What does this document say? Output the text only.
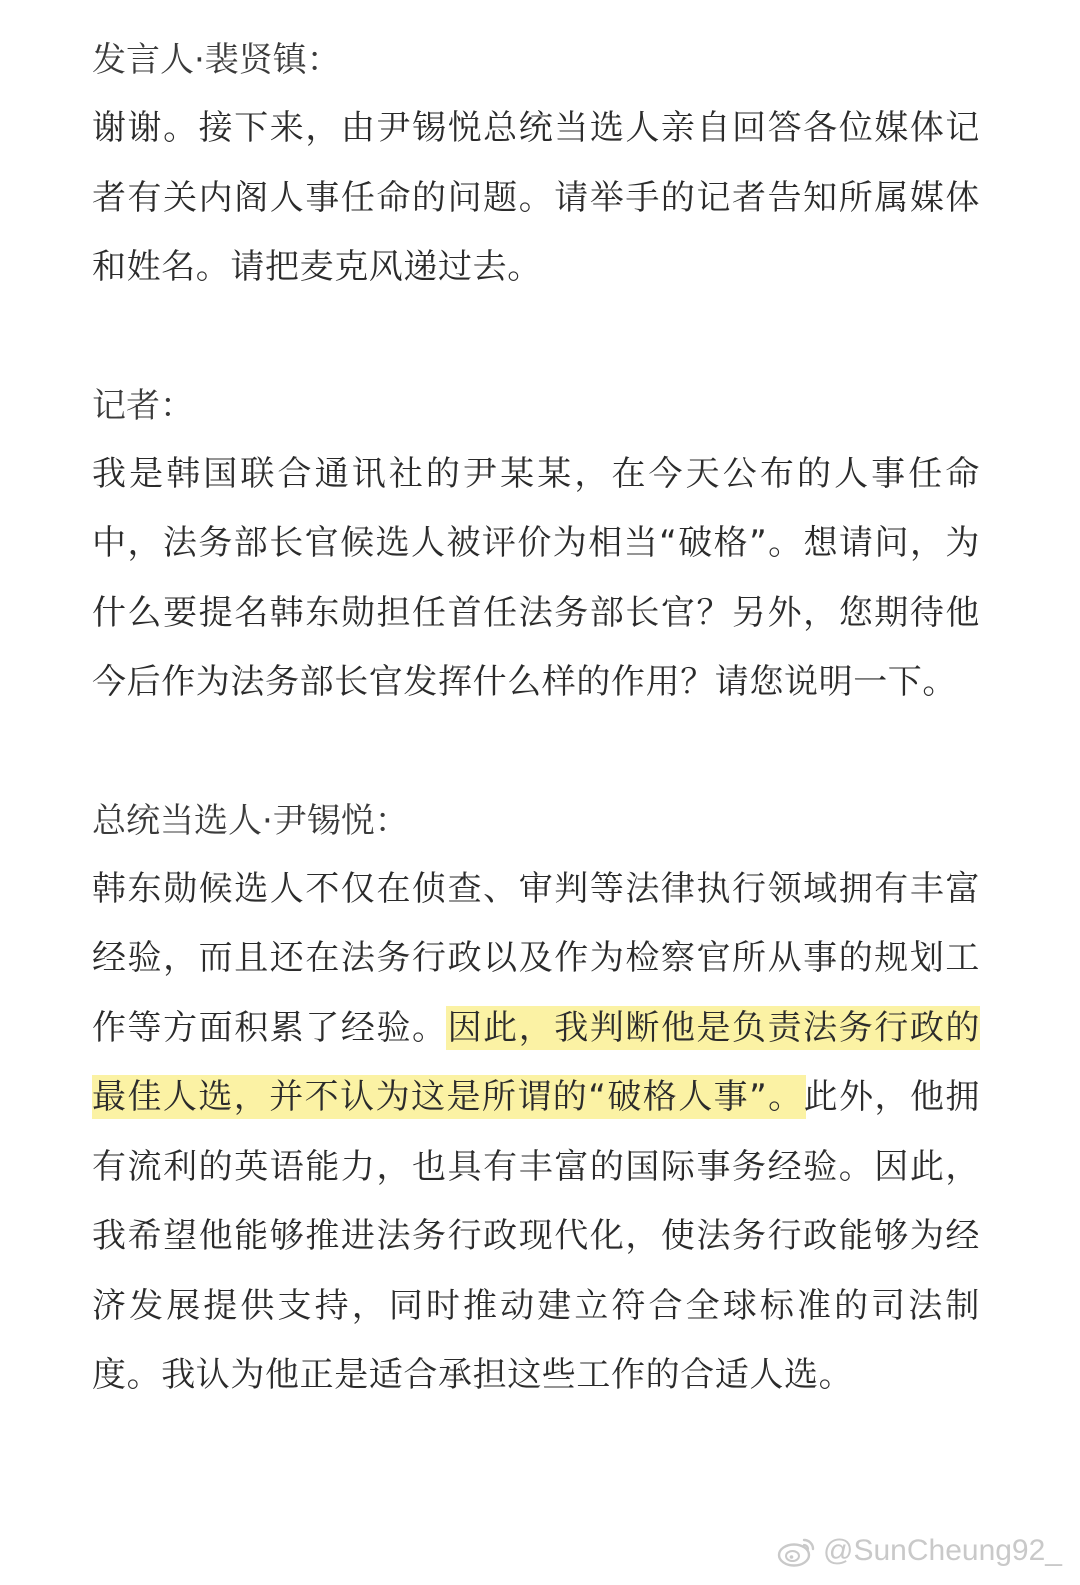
发言人·裴贤镇：

谢谢。接下来，由尹锡悦总统当选人亲自回答各位媒体记者有关内阁人事任命的问题。请举手的记者告知所属媒体和姓名。请把麦克风递过去。

记者：

我是韩国联合通讯社的尹某某，在今天公布的人事任命中，法务部长官候选人被评价为相当“破格”。想请问，为什么要提名韩东勋担任首任法务部长官？另外，您期待他今后作为法务部长官发挥什么样的作用？请您说明一下。

总统当选人·尹锡悦：

韩东勋候选人不仅在侦查、审判等法律执行领域拥有丰富经验，而且还在法务行政以及作为检察官所从事的规划工作等方面积累了经验。因此，我判断他是负责法务行政的最佳人选，并不认为这是所谓的“破格人事”。此外，他拥有流利的英语能力，也具有丰富的国际事务经验。因此，我希望他能够推进法务行政现代化，使法务行政能够为经济发展提供支持，同时推动建立符合全球标准的司法制度。我认为他正是适合承担这些工作的合适人选。

@SunCheung92_
